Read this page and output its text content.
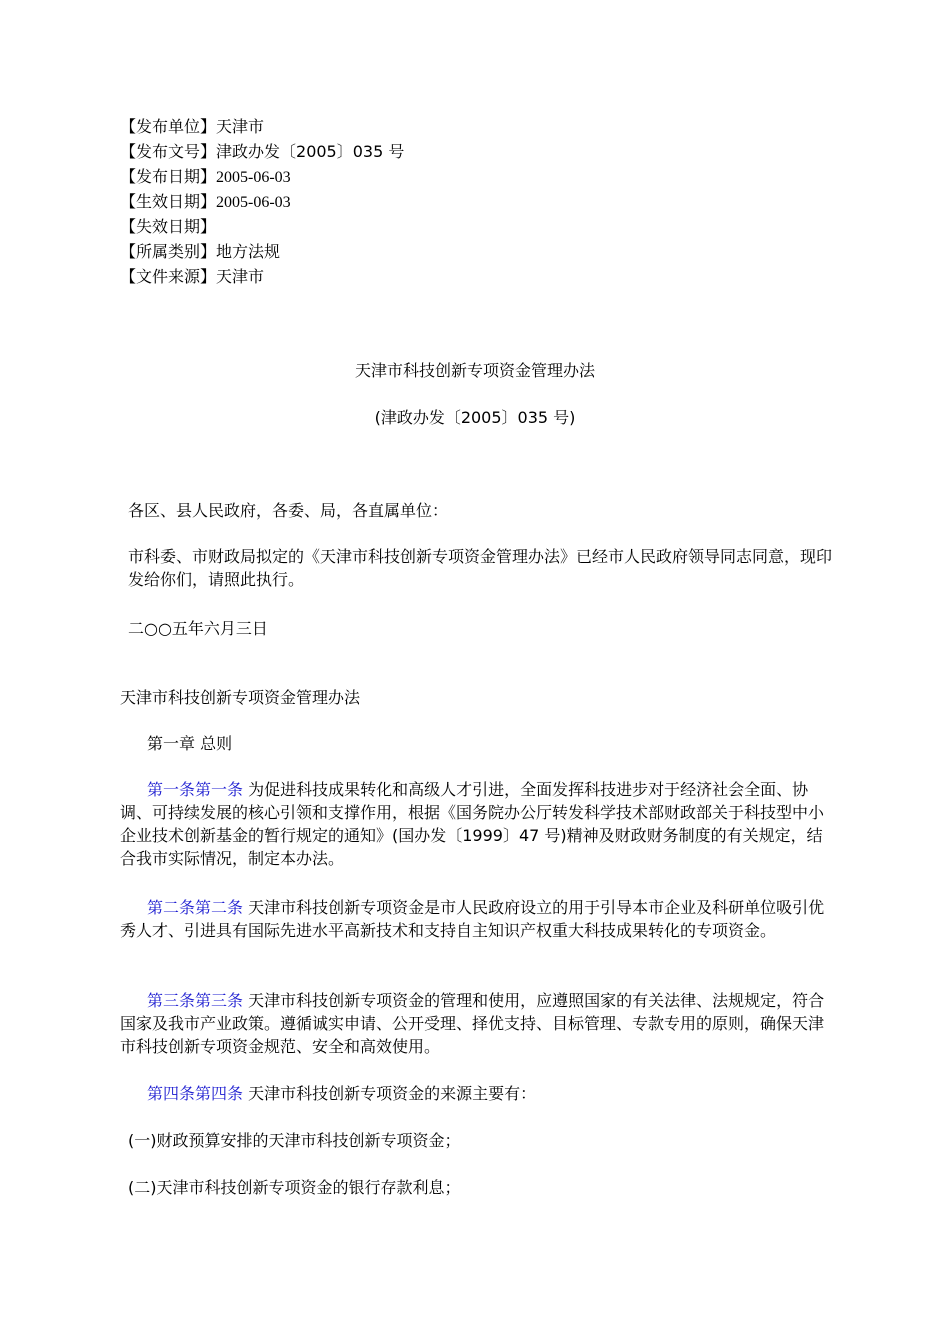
【发布单位】天津市
【发布文号】津政办发〔2005〕035 号
【发布日期】2005-06-03
【生效日期】2005-06-03
【失效日期】
【所属类别】地方法规
【文件来源】天津市
天津市科技创新专项资金管理办法
(津政办发〔2005〕035 号)
各区、县人民政府，各委、局，各直属单位：
市科委、市财政局拟定的《天津市科技创新专项资金管理办法》已经市人民政府领导同志同意，现印发给你们，请照此执行。
二○○五年六月三日
天津市科技创新专项资金管理办法
第一章 总则
第一条第一条 为促进科技成果转化和高级人才引进，全面发挥科技进步对于经济社会全面、协调、可持续发展的核心引领和支撑作用，根据《国务院办公厅转发科学技术部财政部关于科技型中小企业技术创新基金的暂行规定的通知》(国办发〔1999〕47 号)精神及财政财务制度的有关规定，结合我市实际情况，制定本办法。
第二条第二条 天津市科技创新专项资金是市人民政府设立的用于引导本市企业及科研单位吸引优秀人才、引进具有国际先进水平高新技术和支持自主知识产权重大科技成果转化的专项资金。
第三条第三条 天津市科技创新专项资金的管理和使用，应遵照国家的有关法律、法规规定，符合国家及我市产业政策。遵循诚实申请、公开受理、择优支持、目标管理、专款专用的原则，确保天津市科技创新专项资金规范、安全和高效使用。
第四条第四条 天津市科技创新专项资金的来源主要有：
(一)财政预算安排的天津市科技创新专项资金；
(二)天津市科技创新专项资金的银行存款利息；
